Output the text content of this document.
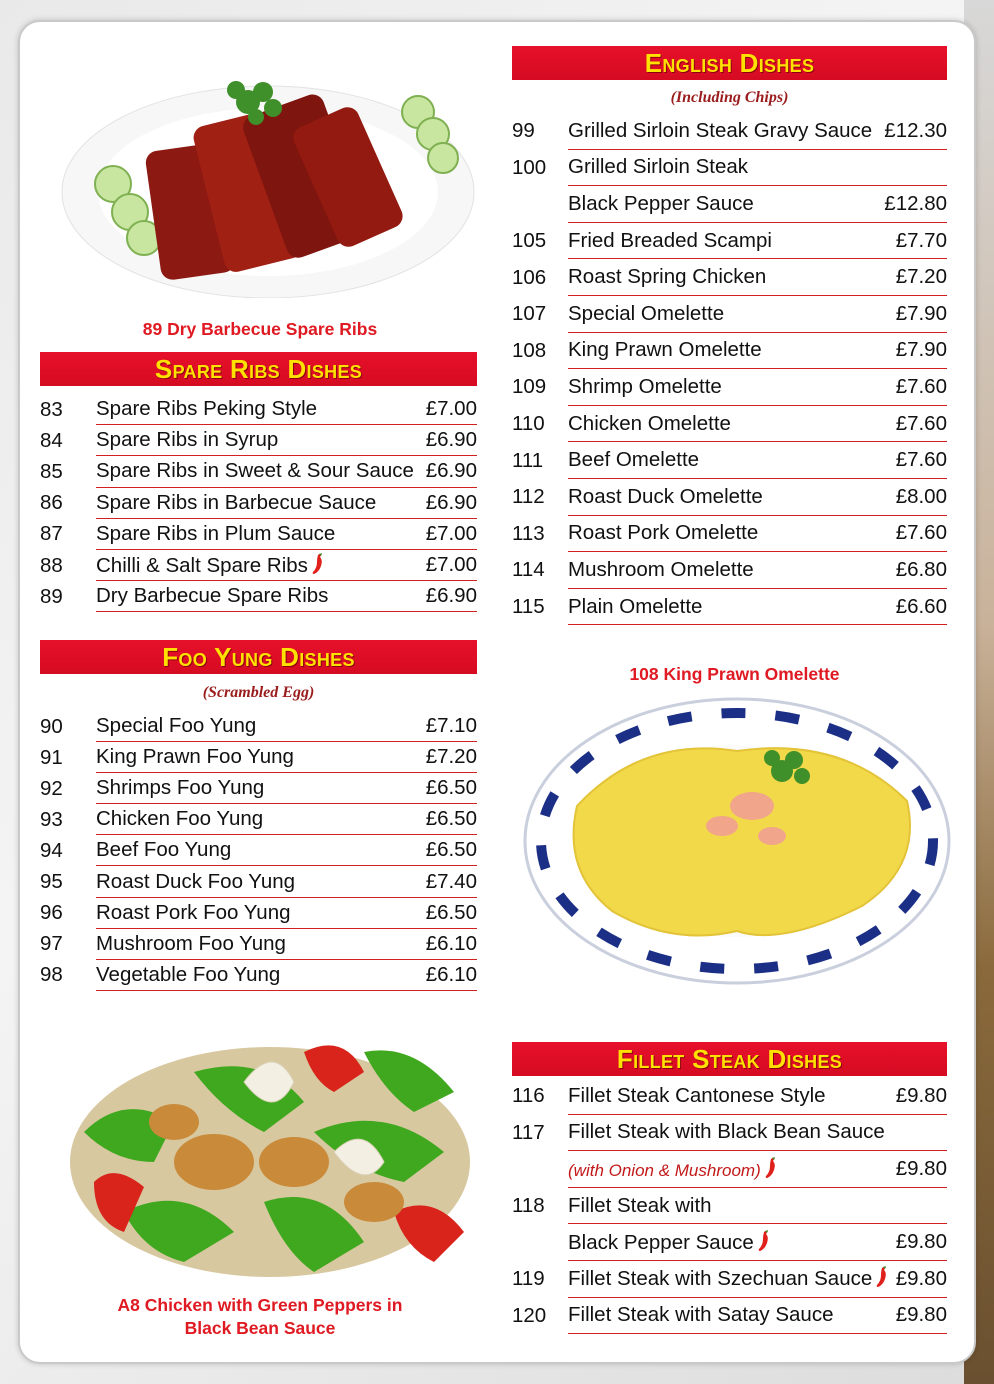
89 Dry Barbecue Spare Ribs
Spare Ribs Dishes
83 Spare Ribs Peking Style	£7.00
84 Spare Ribs in Syrup	£6.90
85 Spare Ribs in Sweet & Sour Sauce £6.90
86 Spare Ribs in Barbecue Sauce £6.90
87 Spare Ribs in Plum Sauce	£7.00
88 Chilli & Salt Spare Ribs	£7.00
89 Dry Barbecue Spare Ribs	£6.90
Foo Yung Dishes
(Scrambled Egg)
90 Special Foo Yung	£7.10
91 King Prawn Foo Yung	£7.20
92 Shrimps Foo Yung	£6.50
93 Chicken Foo Yung	£6.50
94 Beef Foo Yung	£6.50
95 Roast Duck Foo Yung	£7.40
96 Roast Pork Foo Yung	£6.50
97 Mushroom Foo Yung	£6.10
98 Vegetable Foo Yung	£6.10
A8 Chicken with Green Peppers in
Black Bean Sauce
English Dishes
(Including Chips)
99 Grilled Sirloin Steak Gravy Sauce £12.30
100 Grilled Sirloin Steak
Black Pepper Sauce	£12.80
105 Fried Breaded Scampi	£7.70
106 Roast Spring Chicken	£7.20
107 Special Omelette	£7.90
108 King Prawn Omelette	£7.90
109 Shrimp Omelette	£7.60
110 Chicken Omelette	£7.60
111 Beef Omelette	£7.60
112 Roast Duck Omelette	£8.00
113 Roast Pork Omelette	£7.60
114 Mushroom Omelette	£6.80
115 Plain Omelette	£6.60
108 King Prawn Omelette
Fillet Steak Dishes
116 Fillet Steak Cantonese Style	£9.80
117 Fillet Steak with Black Bean Sauce
(with Onion & Mushroom)	£9.80
118 Fillet Steak with
Black Pepper Sauce	£9.80
119 Fillet Steak with Szechuan Sauce	£9.80
120 Fillet Steak with Satay Sauce	£9.80
